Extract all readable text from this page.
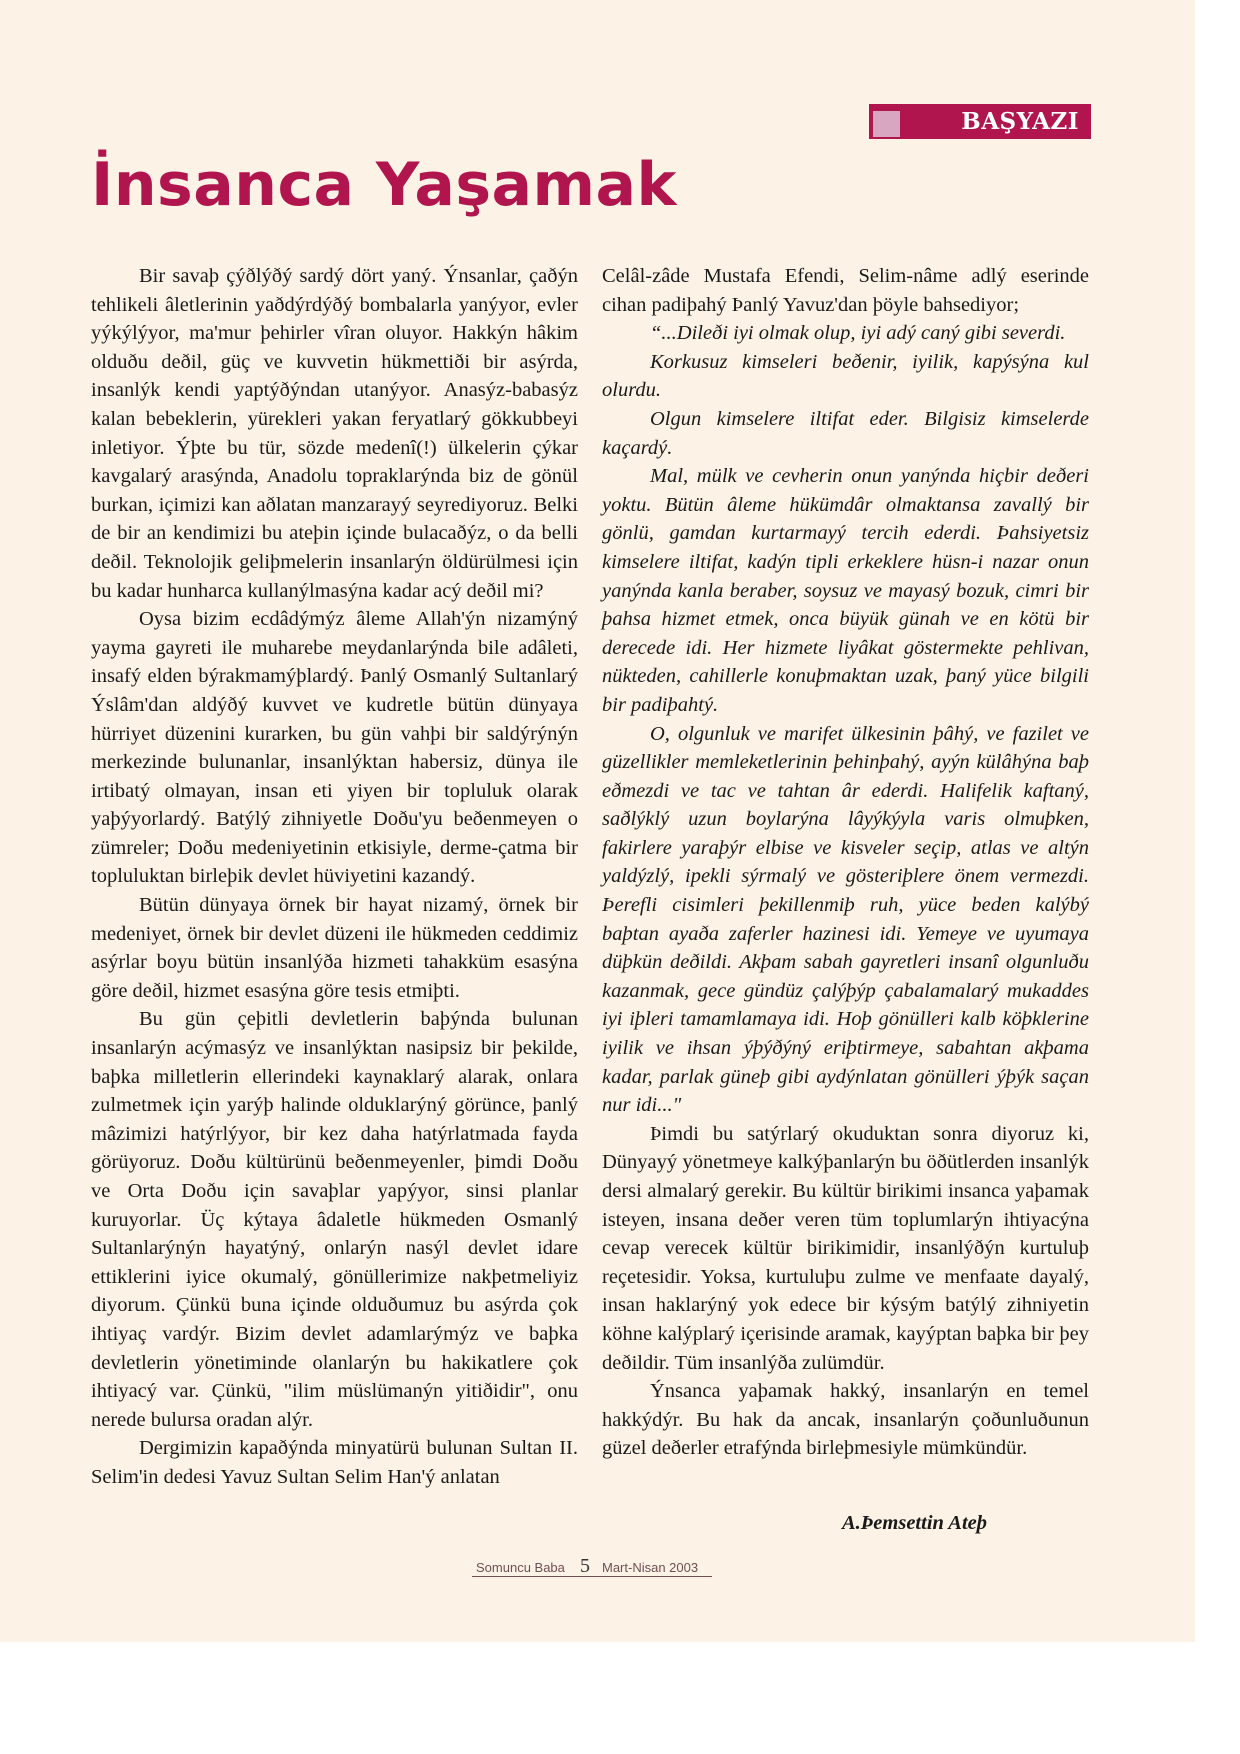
BAŞYAZI
İnsanca Yaşamak

Bir savaþ çýðlýðý sardý dört yaný. Ýnsanlar, çaðýn tehlikeli âletlerinin yaðdýrdýðý bombalarla yanýyor, evler yýkýlýyor, ma'mur þehirler vîran oluyor. Hakkýn hâkim olduðu deðil, güç ve kuvvetin hükmettiði bir asýrda, insanlýk kendi yaptýðýndan utanýyor. Anasýz-babasýz kalan bebeklerin, yürekleri yakan feryatlarý gökkubbeyi inletiyor. Ýþte bu tür, sözde medenî(!) ülkelerin çýkar kavgalarý arasýnda, Anadolu topraklarýnda biz de gönül burkan, içimizi kan aðlatan manzarayý seyrediyoruz. Belki de bir an kendimizi bu ateþin içinde bulacaðýz, o da belli deðil. Teknolojik geliþmelerin insanlarýn öldürülmesi için bu kadar hunharca kullanýlmasýna kadar acý deðil mi?

Oysa bizim ecdâdýmýz âleme Allah'ýn nizamýný yayma gayreti ile muharebe meydanlarýnda bile adâleti, insafý elden býrakmamýþlardý. Þanlý Osmanlý Sultanlarý Ýslâm'dan aldýðý kuvvet ve kudretle bütün dünyaya hürriyet düzenini kurarken, bu gün vahþi bir saldýrýnýn merkezinde bulunanlar, insanlýktan habersiz, dünya ile irtibatý olmayan, insan eti yiyen bir topluluk olarak yaþýyorlardý. Batýlý zihniyetle Doðu'yu beðenmeyen o zümreler; Doðu medeniyetinin etkisiyle, derme-çatma bir topluluktan birleþik devlet hüviyetini kazandý.

Bütün dünyaya örnek bir hayat nizamý, örnek bir medeniyet, örnek bir devlet düzeni ile hükmeden ceddimiz asýrlar boyu bütün insanlýða hizmeti tahakküm esasýna göre deðil, hizmet esasýna göre tesis etmiþti.

Bu gün çeþitli devletlerin baþýnda bulunan insanlarýn acýmasýz ve insanlýktan nasipsiz bir þekilde, baþka milletlerin ellerindeki kaynaklarý alarak, onlara zulmetmek için yarýþ halinde olduklarýný görünce, þanlý mâzimizi hatýrlýyor, bir kez daha hatýrlatmada fayda görüyoruz. Doðu kültürünü beðenmeyenler, þimdi Doðu ve Orta Doðu için savaþlar yapýyor, sinsi planlar kuruyorlar. Üç kýtaya âdaletle hükmeden Osmanlý Sultanlarýnýn hayatýný, onlarýn nasýl devlet idare ettiklerini iyice okumalý, gönüllerimize nakþetmeliyiz diyorum. Çünkü buna içinde olduðumuz bu asýrda çok ihtiyaç vardýr. Bizim devlet adamlarýmýz ve baþka devletlerin yönetiminde olanlarýn bu hakikatlere çok ihtiyacý var. Çünkü, "ilim müslümanýn yitiðidir", onu nerede bulursa oradan alýr.

Dergimizin kapaðýnda minyatürü bulunan Sultan II. Selim'in dedesi Yavuz Sultan Selim Han'ý anlatan

Celâl-zâde Mustafa Efendi, Selim-nâme adlý eserinde cihan padiþahý Þanlý Yavuz'dan þöyle bahsediyor;

“...Dileði iyi olmak olup, iyi adý caný gibi severdi.

Korkusuz kimseleri beðenir, iyilik, kapýsýna kul olurdu.

Olgun kimselere iltifat eder. Bilgisiz kimselerde kaçardý.

Mal, mülk ve cevherin onun yanýnda hiçbir deðeri yoktu. Bütün âleme hükümdâr olmaktansa zavallý bir gönlü, gamdan kurtarmayý tercih ederdi. Þahsiyetsiz kimselere iltifat, kadýn tipli erkeklere hüsn-i nazar onun yanýnda kanla beraber, soysuz ve mayasý bozuk, cimri bir þahsa hizmet etmek, onca büyük günah ve en kötü bir derecede idi. Her hizmete liyâkat göstermekte pehlivan, nükteden, cahillerle konuþmaktan uzak, þaný yüce bilgili bir padiþahtý.

O, olgunluk ve marifet ülkesinin þâhý, ve fazilet ve güzellikler memleketlerinin þehinþahý, ayýn külâhýna baþ eðmezdi ve tac ve tahtan âr ederdi. Halifelik kaftaný, saðlýklý uzun boylarýna lâyýkýyla varis olmuþken, fakirlere yaraþýr elbise ve kisveler seçip, atlas ve altýn yaldýzlý, ipekli sýrmalý ve gösteriþlere önem vermezdi. Þerefli cisimleri þekillenmiþ ruh, yüce beden kalýbý baþtan ayaða zaferler hazinesi idi. Yemeye ve uyumaya düþkün deðildi. Akþam sabah gayretleri insanî olgunluðu kazanmak, gece gündüz çalýþýp çabalamalarý mukaddes iyi iþleri tamamlamaya idi. Hoþ gönülleri kalb köþklerine iyilik ve ihsan ýþýðýný eriþtirmeye, sabahtan akþama kadar, parlak güneþ gibi aydýnlatan gönülleri ýþýk saçan nur idi..."

Þimdi bu satýrlarý okuduktan sonra diyoruz ki, Dünyayý yönetmeye kalkýþanlarýn bu öðütlerden insanlýk dersi almalarý gerekir. Bu kültür birikimi insanca yaþamak isteyen, insana deðer veren tüm toplumlarýn ihtiyacýna cevap verecek kültür birikimidir, insanlýðýn kurtuluþ reçetesidir. Yoksa, kurtuluþu zulme ve menfaate dayalý, insan haklarýný yok edece bir kýsým batýlý zihniyetin köhne kalýplarý içerisinde aramak, kayýptan baþka bir þey deðildir. Tüm insanlýða zulümdür.

Ýnsanca yaþamak hakký, insanlarýn en temel hakkýdýr. Bu hak da ancak, insanlarýn çoðunluðunun güzel deðerler etrafýnda birleþmesiyle mümkündür.

A.Þemsettin Ateþ
Somuncu Baba 5 Mart-Nisan 2003
